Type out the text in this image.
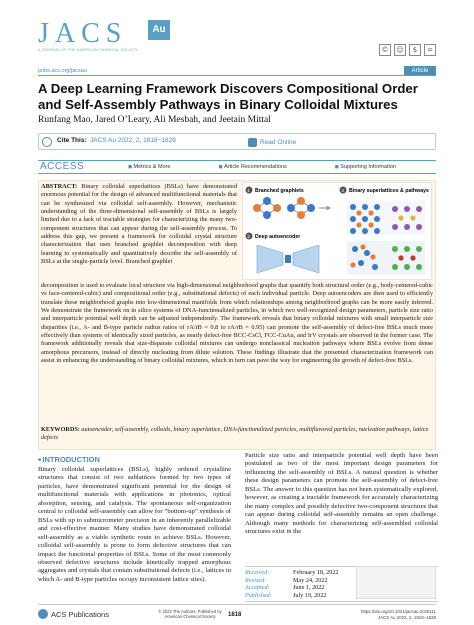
JACS	Au
A JOURNAL OF THE AMERICAN CHEMICAL SOCIETY	©	☺	$	=
pubs.acs.org/jacsau	Article
A Deep Learning Framework Discovers Compositional Order and Self-Assembly Pathways in Binary Colloidal Mixtures
Runfang Mao, Jared O’Leary, Ali Mesbah, and Jeetain Mittal
Cite This: JACS Au 2022, 2, 1818−1828	Read Online
ACCESS	◼ Metrics & More	◼ Article Recommendations	◼ Supporting Information
ABSTRACT: Binary colloidal superlattices (BSLs) have demonstrated enormous potential for the design of advanced multifunctional materials that can be synthesized via colloidal self-assembly. However, mechanistic understanding of the three-dimensional self-assembly of BSLs is largely limited due to a lack of tractable strategies for characterizing the many two-component structures that can appear during the self-assembly process. To address this gap, we present a framework for colloidal crystal structure characterization that uses branched graphlet decomposition with deep learning to systematically and quantitatively describe the self-assembly of BSLs at the single-particle level. Branched graphlet
1 Branched graphlets	3 Binary superlattices & pathways
2 Deep autoencoder
decomposition is used to evaluate local structure via high-dimensional neighborhood graphs that quantify both structural order (e.g., body-centered-cubic vs face-centered-cubic) and compositional order (e.g., substitutional defects) of each individual particle. Deep autoencoders are then used to efficiently translate these neighborhood graphs into low-dimensional manifolds from which relationships among neighborhood graphs can be more easily inferred. We demonstrate the framework on in silico systems of DNA-functionalized particles, in which two well-recognized design parameters, particle size ratio and interparticle potential well depth can be adjusted independently. The framework reveals that binary colloidal mixtures with small interparticle size disparities (i.e., A- and B-type particle radius ratios of rA/rB = 0.8 to rA/rB = 0.95) can promote the self-assembly of defect-free BSLs much more effectively than systems of identically sized particles, as nearly defect-free BCC-CsCl, FCC-CuAu, and IrV crystals are observed in the former case. The framework additionally reveals that size-disparate colloidal mixtures can undergo nonclassical nucleation pathways where BSLs evolve from dense amorphous precursors, instead of directly nucleating from dilute solution. These findings illustrate that the presented characterization framework can assist in enhancing the understanding of binary colloidal mixtures, which in turn can pave the way for engineering the growth of defect-free BSLs.
KEYWORDS: autoencoder, self-assembly, colloids, binary superlattice, DNA-functionalized particles, multiflavored particles, nucleation pathways, lattice defects
■ INTRODUCTION
Binary colloidal superlattices (BSLs), highly ordered crystalline structures that consist of two sublattices formed by two types of particles, have demonstrated significant potential for the design of multifunctional materials with applications in photonics, optical absorption, sensing, and catalysis. The spontaneous self-organization central to colloidal self-assembly can allow for “bottom-up” synthesis of BSLs with up to submicrometer precision in an inherently parallelizable and cost-effective manner. Many studies have demonstrated colloidal self-assembly as a viable synthetic route to achieve BSLs. However, colloidal self-assembly is prone to form defective structures that can impact the functional properties of BSLs. Some of the most commonly observed defective structures include kinetically trapped amorphous aggregates and crystals that contain substitutional defects (i.e., lattices in which A- and B-type particles occupy inconsistent lattice sites).
Particle size ratio and interparticle potential well depth have been postulated as two of the most important design parameters for influencing the self-assembly of BSLs. A natural question is whether these design parameters can promote the self-assembly of defect-free BSLs. The answer to this question has not been systematically explored, however, as creating a tractable framework for accurately characterizing the many complex and possibly defective two-component structures that can appear during colloidal self-assembly remains an open challenge. Although many methods for characterizing self-assembled colloidal structures exist in the
Received:	February 18, 2022
Revised:	May 24, 2022
Accepted:	June 1, 2022
Published:	July 19, 2022
ACS Publications	© 2022 The Authors. Published by American Chemical Society	1818
https://doi.org/10.1021/jacsau.2c00111
JACS Au 2022, 2, 1818−1828
